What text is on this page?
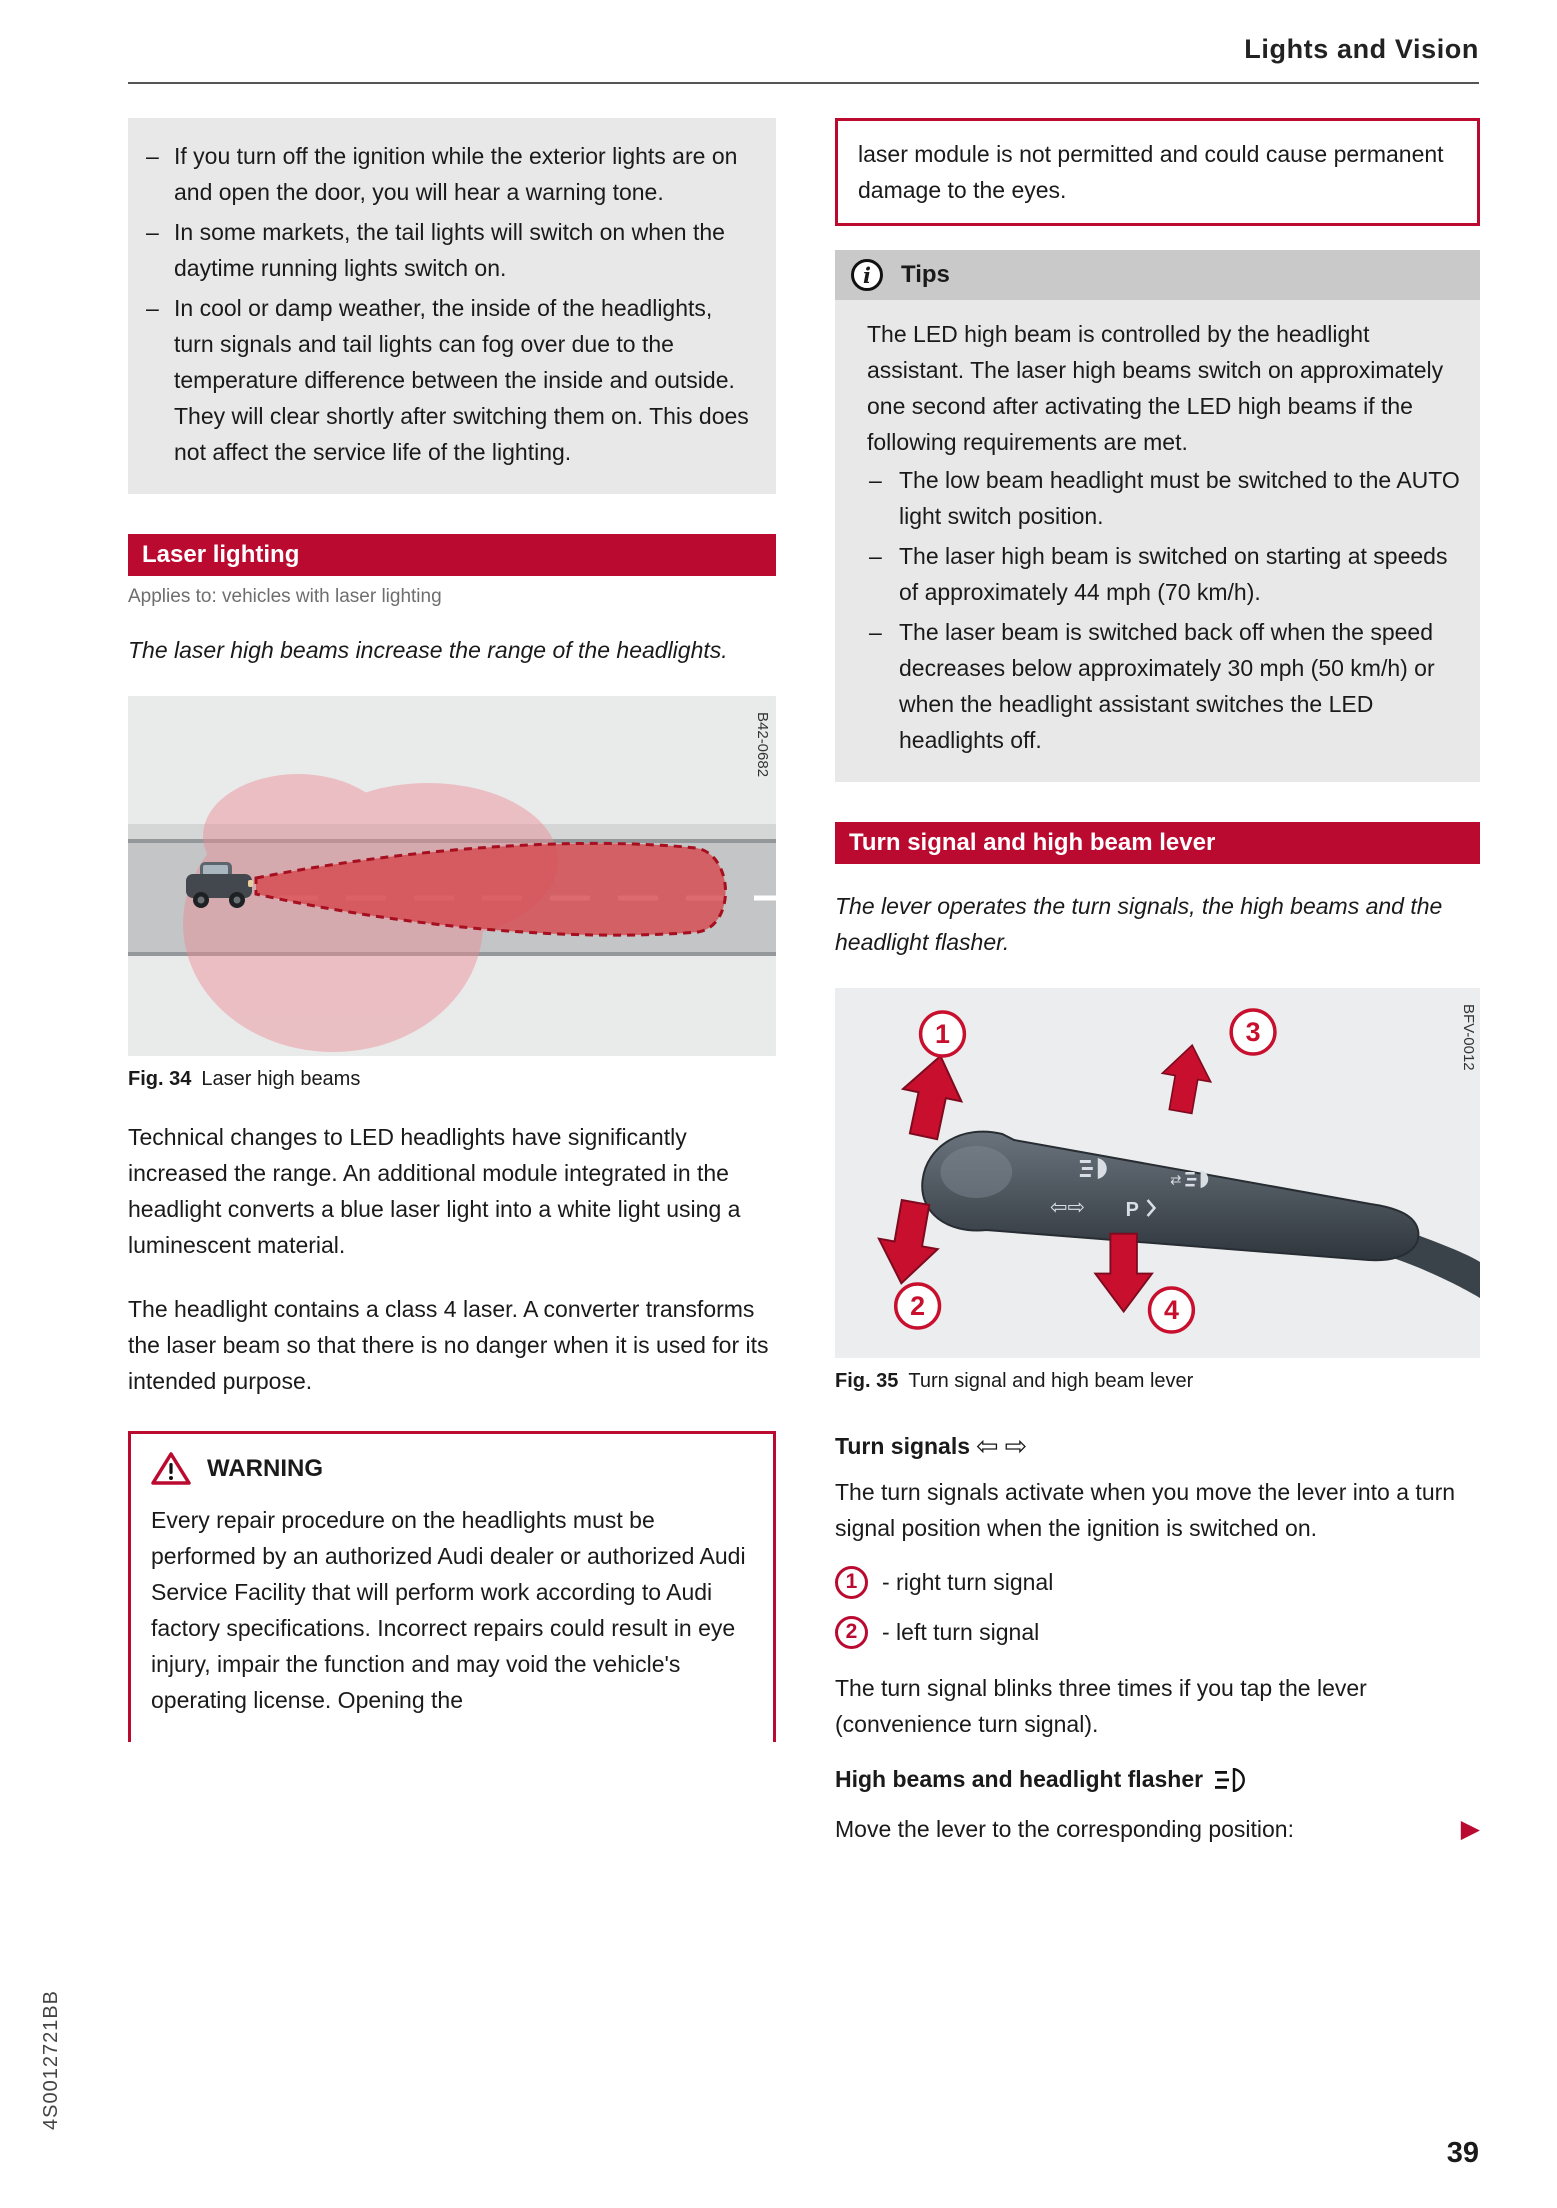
Lights and Vision
– If you turn off the ignition while the exterior lights are on and open the door, you will hear a warning tone.
– In some markets, the tail lights will switch on when the daytime running lights switch on.
– In cool or damp weather, the inside of the headlights, turn signals and tail lights can fog over due to the temperature difference between the inside and outside. They will clear shortly after switching them on. This does not affect the service life of the lighting.
Laser lighting
Applies to: vehicles with laser lighting
The laser high beams increase the range of the headlights.
B42-0682
Fig. 34 Laser high beams
Technical changes to LED headlights have significantly increased the range. An additional module integrated in the headlight converts a blue laser light into a white light using a luminescent material.
The headlight contains a class 4 laser. A converter transforms the laser beam so that there is no danger when it is used for its intended purpose.
WARNING
Every repair procedure on the headlights must be performed by an authorized Audi dealer or authorized Audi Service Facility that will perform work according to Audi factory specifications. Incorrect repairs could result in eye injury, impair the function and may void the vehicle's operating license. Opening the
laser module is not permitted and could cause permanent damage to the eyes.
i	Tips
The LED high beam is controlled by the headlight assistant. The laser high beams switch on approximately one second after activating the LED high beams if the following requirements are met.
– The low beam headlight must be switched to the AUTO light switch position.
– The laser high beam is switched on starting at speeds of approximately 44 mph (70 km/h).
– The laser beam is switched back off when the speed decreases below approximately 30 mph (50 km/h) or when the headlight assistant switches the LED headlights off.
Turn signal and high beam lever
The lever operates the turn signals, the high beams and the headlight flasher.
⇄
⇦⇨ P
1
2
3
4
BFV-0012
Fig. 35 Turn signal and high beam lever
Turn signals ⇦ ⇨
The turn signals activate when you move the lever into a turn signal position when the ignition is switched on.
1	- right turn signal
2	- left turn signal
The turn signal blinks three times if you tap the lever (convenience turn signal).
High beams and headlight flasher
Move the lever to the corresponding position:	▶
39
4S0012721BB
